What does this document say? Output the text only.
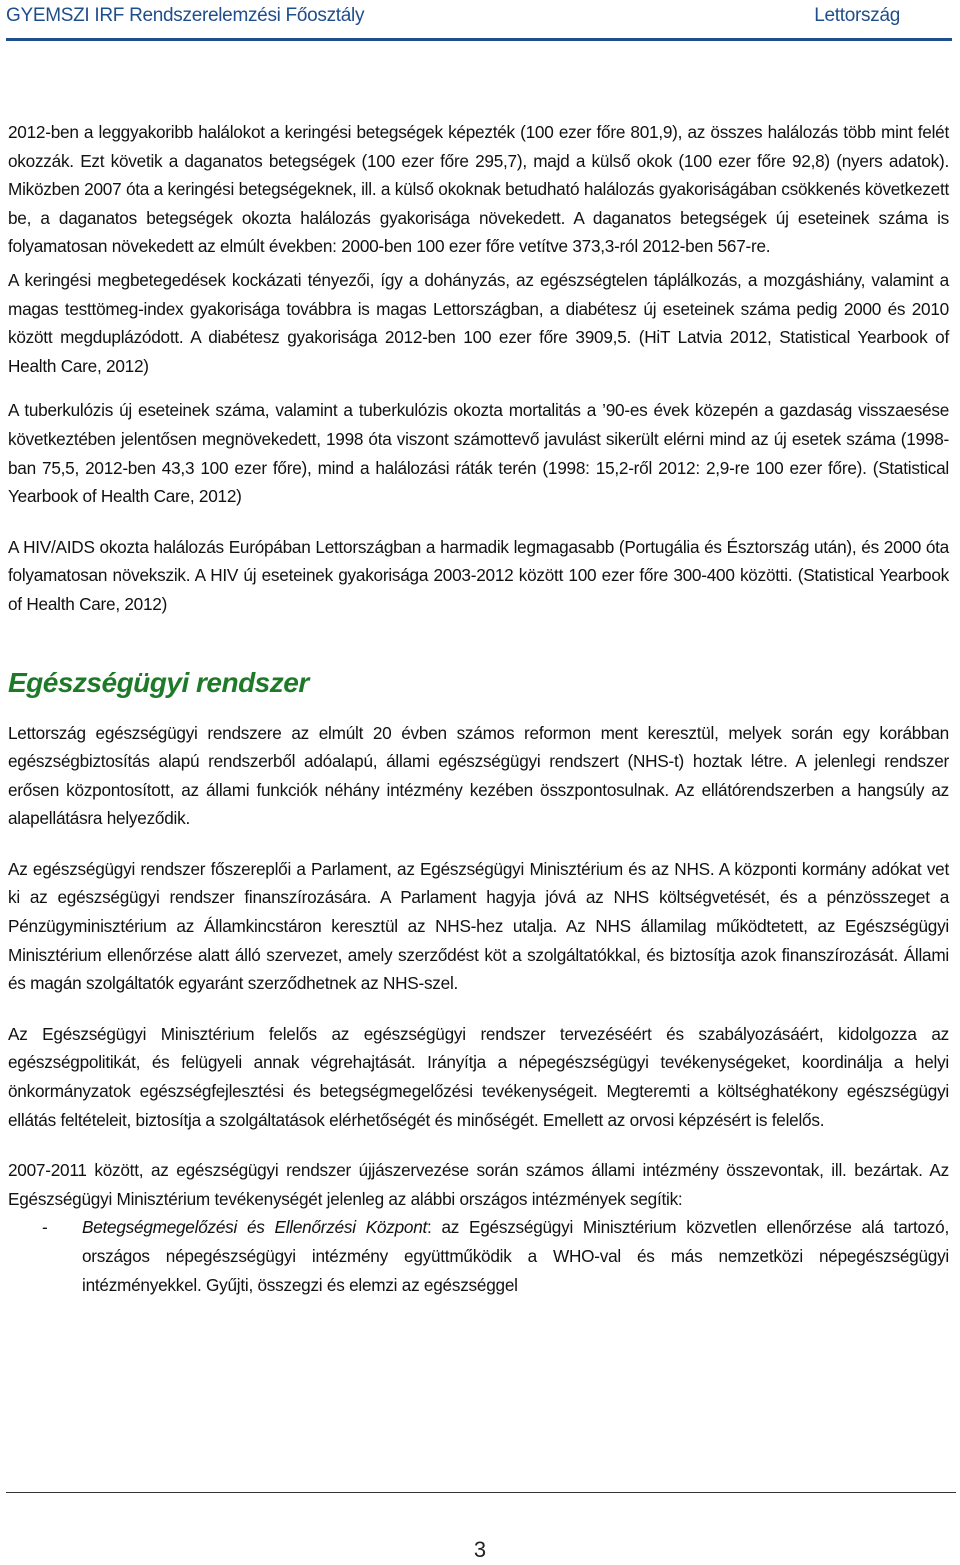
GYEMSZI IRF Rendszerelemzési Főosztály	Lettország

2012-ben a leggyakoribb halálokot a keringési betegségek képezték (100 ezer főre 801,9), az összes halálozás több mint felét okozzák. Ezt követik a daganatos betegségek (100 ezer főre 295,7), majd a külső okok (100 ezer főre 92,8) (nyers adatok). Miközben 2007 óta a keringési betegségeknek, ill. a külső okoknak betudható halálozás gyakoriságában csökkenés következett be, a daganatos betegségek okozta halálozás gyakorisága növekedett. A daganatos betegségek új eseteinek száma is folyamatosan növekedett az elmúlt években: 2000-ben 100 ezer főre vetítve 373,3-ról 2012-ben 567-re.

A keringési megbetegedések kockázati tényezői, így a dohányzás, az egészségtelen táplálkozás, a mozgáshiány, valamint a magas testtömeg-index gyakorisága továbbra is magas Lettországban, a diabétesz új eseteinek száma pedig 2000 és 2010 között megduplázódott. A diabétesz gyakorisága 2012-ben 100 ezer főre 3909,5. (HiT Latvia 2012, Statistical Yearbook of Health Care, 2012)

A tuberkulózis új eseteinek száma, valamint a tuberkulózis okozta mortalitás a ’90-es évek közepén a gazdaság visszaesése következtében jelentősen megnövekedett, 1998 óta viszont számottevő javulást sikerült elérni mind az új esetek száma (1998-ban 75,5, 2012-ben 43,3 100 ezer főre), mind a halálozási ráták terén (1998: 15,2-ről 2012: 2,9-re 100 ezer főre). (Statistical Yearbook of Health Care, 2012)

A HIV/AIDS okozta halálozás Európában Lettországban a harmadik legmagasabb (Portugália és Észtország után), és 2000 óta folyamatosan növekszik. A HIV új eseteinek gyakorisága 2003-2012 között 100 ezer főre 300-400 közötti. (Statistical Yearbook of Health Care, 2012)

Egészségügyi rendszer

Lettország egészségügyi rendszere az elmúlt 20 évben számos reformon ment keresztül, melyek során egy korábban egészségbiztosítás alapú rendszerből adóalapú, állami egészségügyi rendszert (NHS-t) hoztak létre. A jelenlegi rendszer erősen központosított, az állami funkciók néhány intézmény kezében összpontosulnak. Az ellátórendszerben a hangsúly az alapellátásra helyeződik.

Az egészségügyi rendszer főszereplői a Parlament, az Egészségügyi Minisztérium és az NHS. A központi kormány adókat vet ki az egészségügyi rendszer finanszírozására. A Parlament hagyja jóvá az NHS költségvetését, és a pénzösszeget a Pénzügyminisztérium az Államkincstáron keresztül az NHS-hez utalja. Az NHS államilag működtetett, az Egészségügyi Minisztérium ellenőrzése alatt álló szervezet, amely szerződést köt a szolgáltatókkal, és biztosítja azok finanszírozását. Állami és magán szolgáltatók egyaránt szerződhetnek az NHS-szel.

Az Egészségügyi Minisztérium felelős az egészségügyi rendszer tervezéséért és szabályozásáért, kidolgozza az egészségpolitikát, és felügyeli annak végrehajtását. Irányítja a népegészségügyi tevékenységeket, koordinálja a helyi önkormányzatok egészségfejlesztési és betegségmegelőzési tevékenységeit. Megteremti a költséghatékony egészségügyi ellátás feltételeit, biztosítja a szolgáltatások elérhetőségét és minőségét. Emellett az orvosi képzésért is felelős.

2007-2011 között, az egészségügyi rendszer újjászervezése során számos állami intézmény összevontak, ill. bezártak. Az Egészségügyi Minisztérium tevékenységét jelenleg az alábbi országos intézmények segítik:

- Betegségmegelőzési és Ellenőrzési Központ: az Egészségügyi Minisztérium közvetlen ellenőrzése alá tartozó, országos népegészségügyi intézmény együttműködik a WHO-val és más nemzetközi népegészségügyi intézményekkel. Gyűjti, összegzi és elemzi az egészséggel
3
